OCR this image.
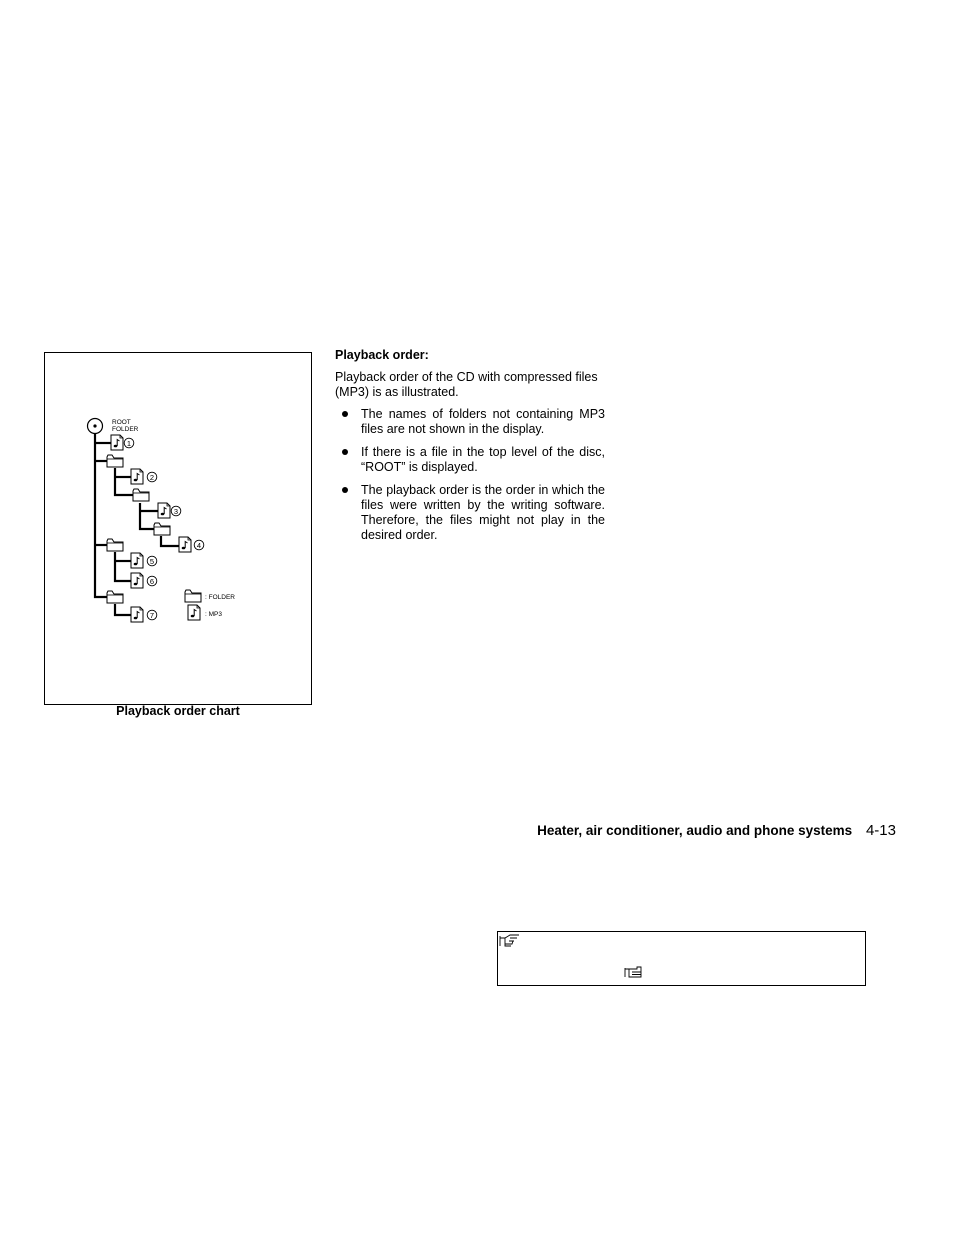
ROOT
FOLDER
1
2
3
4
5
6
7
: FOLDER
: MP3
Playback order chart

Playback order:

Playback order of the CD with compressed files (MP3) is as illustrated.

The names of folders not containing MP3 files are not shown in the display.
If there is a file in the top level of the disc, “ROOT” is displayed.
The playback order is the order in which the files were written by the writing software. Therefore, the files might not play in the desired order.
Heater, air conditioner, audio and phone systems 4-13
